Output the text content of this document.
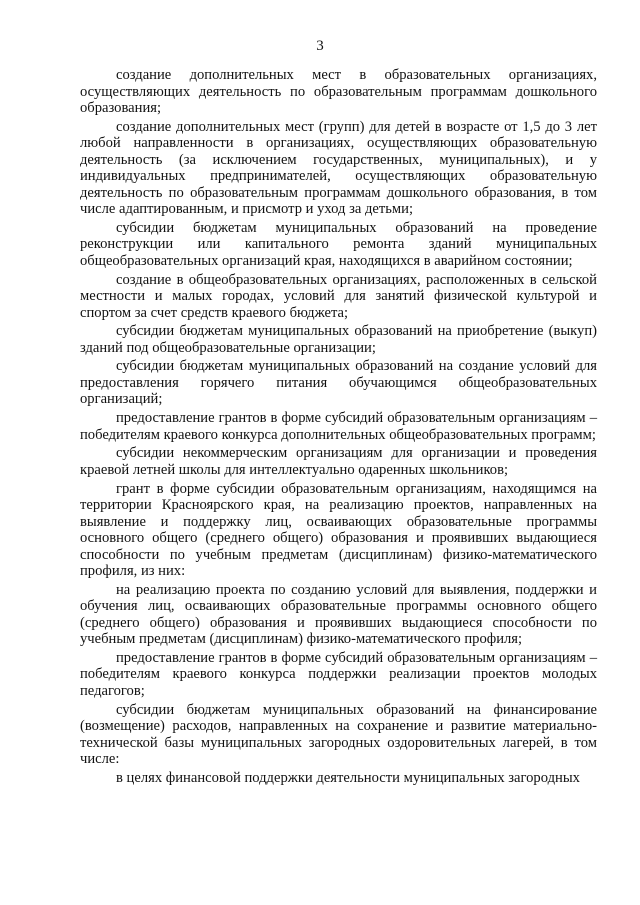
3

создание дополнительных мест в образовательных организациях, осуществляющих деятельность по образовательным программам дошкольного образования;

создание дополнительных мест (групп) для детей в возрасте от 1,5 до 3 лет любой направленности в организациях, осуществляющих образовательную деятельность (за исключением государственных, муниципальных), и у индивидуальных предпринимателей, осуществляющих образовательную деятельность по образовательным программам дошкольного образования, в том числе адаптированным, и присмотр и уход за детьми;

субсидии бюджетам муниципальных образований на проведение реконструкции или капитального ремонта зданий муниципальных общеобразовательных организаций края, находящихся в аварийном состоянии;

создание в общеобразовательных организациях, расположенных в сельской местности и малых городах, условий для занятий физической культурой и спортом за счет средств краевого бюджета;

субсидии бюджетам муниципальных образований на приобретение (выкуп) зданий под общеобразовательные организации;

субсидии бюджетам муниципальных образований на создание условий для предоставления горячего питания обучающимся общеобразовательных организаций;

предоставление грантов в форме субсидий образовательным организациям – победителям краевого конкурса дополнительных общеобразовательных программ;

субсидии некоммерческим организациям для организации и проведения краевой летней школы для интеллектуально одаренных школьников;

грант в форме субсидии образовательным организациям, находящимся на территории Красноярского края, на реализацию проектов, направленных на выявление и поддержку лиц, осваивающих образовательные программы основного общего (среднего общего) образования и проявивших выдающиеся способности по учебным предметам (дисциплинам) физико-математического профиля, из них:

на реализацию проекта по созданию условий для выявления, поддержки и обучения лиц, осваивающих образовательные программы основного общего (среднего общего) образования и проявивших выдающиеся способности по учебным предметам (дисциплинам) физико-математического профиля;

предоставление грантов в форме субсидий образовательным организациям – победителям краевого конкурса поддержки реализации проектов молодых педагогов;

субсидии бюджетам муниципальных образований на финансирование (возмещение) расходов, направленных на сохранение и развитие материально-технической базы муниципальных загородных оздоровительных лагерей, в том числе:

в целях финансовой поддержки деятельности муниципальных загородных
